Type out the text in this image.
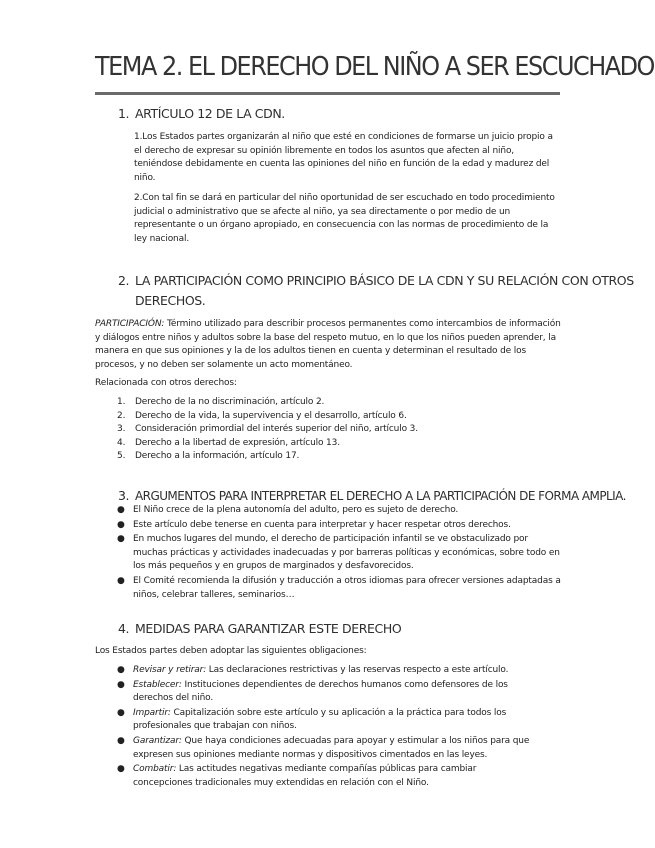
TEMA 2. EL DERECHO DEL NIÑO A SER ESCUCHADO
1. ARTÍCULO 12 DE LA CDN.
1.Los Estados partes organizarán al niño que esté en condiciones de formarse un juicio propio a el derecho de expresar su opinión libremente en todos los asuntos que afecten al niño, teniéndose debidamente en cuenta las opiniones del niño en función de la edad y madurez del niño.
2.Con tal fin se dará en particular del niño oportunidad de ser escuchado en todo procedimiento judicial o administrativo que se afecte al niño, ya sea directamente o por medio de un representante o un órgano apropiado, en consecuencia con las normas de procedimiento de la ley nacional.
2. LA PARTICIPACIÓN COMO PRINCIPIO BÁSICO DE LA CDN Y SU RELACIÓN CON OTROS
DERECHOS.
PARTICIPACIÓN: Término utilizado para describir procesos permanentes como intercambios de información y diálogos entre niños y adultos sobre la base del respeto mutuo, en lo que los niños pueden aprender, la manera en que sus opiniones y la de los adultos tienen en cuenta y determinan el resultado de los procesos, y no deben ser solamente un acto momentáneo.
Relacionada con otros derechos:
1. Derecho de la no discriminación, artículo 2.
2. Derecho de la vida, la supervivencia y el desarrollo, artículo 6.
3. Consideración primordial del interés superior del niño, artículo 3.
4. Derecho a la libertad de expresión, artículo 13.
5. Derecho a la información, artículo 17.
3. ARGUMENTOS PARA INTERPRETAR EL DERECHO A LA PARTICIPACIÓN DE FORMA AMPLIA.
● El Niño crece de la plena autonomía del adulto, pero es sujeto de derecho.
● Este artículo debe tenerse en cuenta para interpretar y hacer respetar otros derechos.
● En muchos lugares del mundo, el derecho de participación infantil se ve obstaculizado por muchas prácticas y actividades inadecuadas y por barreras políticas y económicas, sobre todo en los más pequeños y en grupos de marginados y desfavorecidos.
● El Comité recomienda la difusión y traducción a otros idiomas para ofrecer versiones adaptadas a niños, celebrar talleres, seminarios…
4. MEDIDAS PARA GARANTIZAR ESTE DERECHO
Los Estados partes deben adoptar las siguientes obligaciones:
● Revisar y retirar: Las declaraciones restrictivas y las reservas respecto a este artículo.
● Establecer: Instituciones dependientes de derechos humanos como defensores de los derechos del niño.
● Impartir: Capitalización sobre este artículo y su aplicación a la práctica para todos los profesionales que trabajan con niños.
● Garantizar: Que haya condiciones adecuadas para apoyar y estimular a los niños para que expresen sus opiniones mediante normas y dispositivos cimentados en las leyes.
● Combatir: Las actitudes negativas mediante compañías públicas para cambiar concepciones tradicionales muy extendidas en relación con el Niño.
